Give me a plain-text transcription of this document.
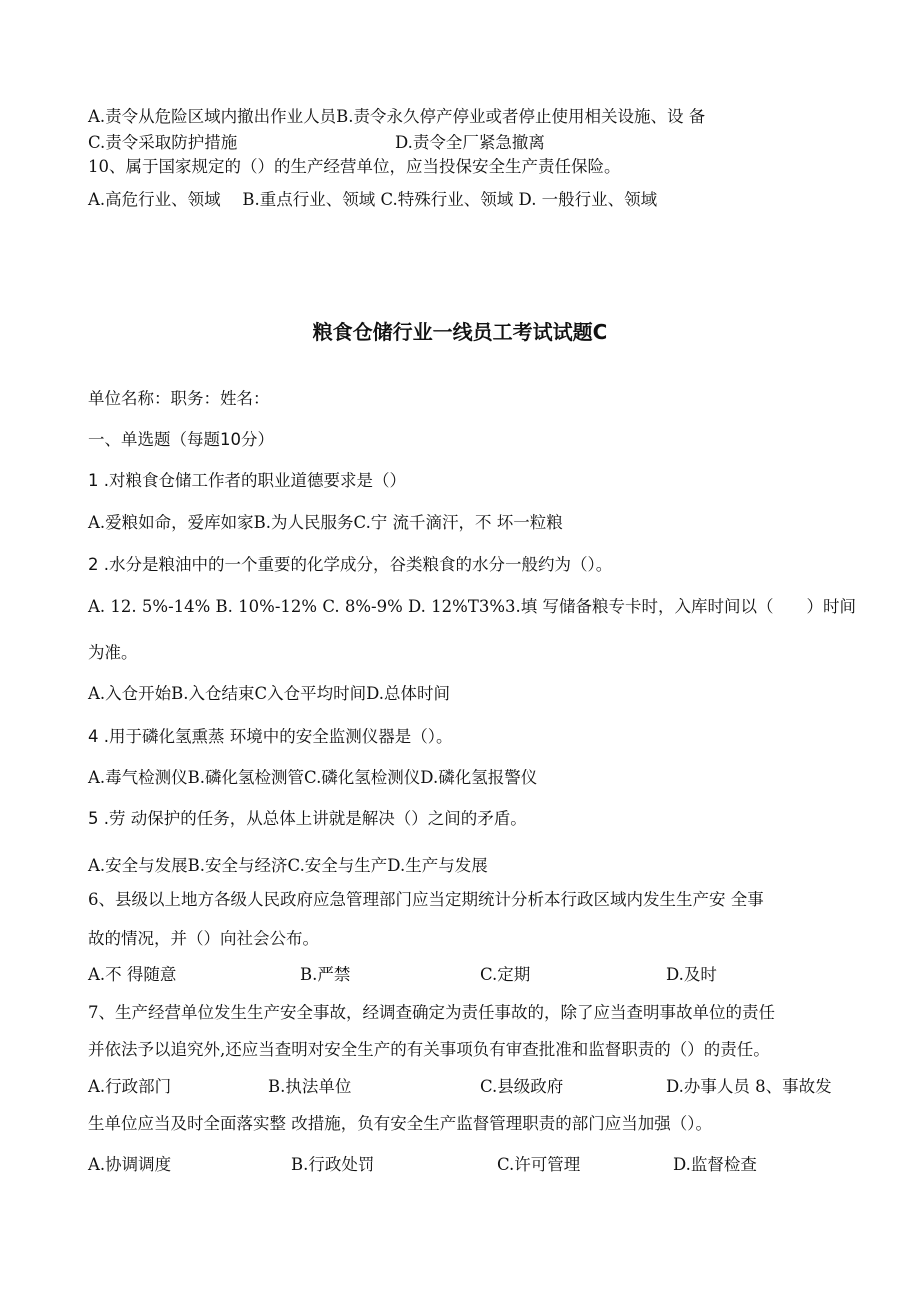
A.责令从危险区域内撤出作业人员B.责令永久停产停业或者停止使用相关设施、设 备
C.责令采取防护措施	D.责令全厂紧急撤离
10、属于国家规定的（）的生产经营单位，应当投保安全生产责任保险。
A.高危行业、领域　 B.重点行业、领域 C.特殊行业、领域 D. 一般行业、领域
粮食仓储行业一线员工考试试题C
单位名称：职务：姓名：
一、单选题（每题10分）
1 .对粮食仓储工作者的职业道德要求是（）
A.爱粮如命，爱库如家B.为人民服务C.宁 流千滴汗，不 坏一粒粮
2 .水分是粮油中的一个重要的化学成分，谷类粮食的水分一般约为（）。
A. 12. 5%-14% B. 10%-12% C. 8%-9% D. 12%T3%3.填 写储备粮专卡时，入库时间以（　　）时间
为准。
A.入仓开始B.入仓结束C入仓平均时间D.总体时间
4 .用于磷化氢熏蒸 环境中的安全监测仪器是（）。
A.毒气检测仪B.磷化氢检测管C.磷化氢检测仪D.磷化氢报警仪
5 .劳 动保护的任务，从总体上讲就是解决（）之间的矛盾。
A.安全与发展B.安全与经济C.安全与生产D.生产与发展
6、县级以上地方各级人民政府应急管理部门应当定期统计分析本行政区域内发生生产安 全事
故的情况，并（）向社会公布。
A.不 得随意	B.严禁	C.定期	D.及时
7、生产经营单位发生生产安全事故，经调查确定为责任事故的，除了应当查明事故单位的责任
并依法予以追究外,还应当查明对安全生产的有关事项负有审查批准和监督职责的（）的责任。
A.行政部门	B.执法单位	C.县级政府	D.办事人员 8、事故发
生单位应当及时全面落实整 改措施，负有安全生产监督管理职责的部门应当加强（）。
A.协调调度	B.行政处罚	C.许可管理	D.监督检查
